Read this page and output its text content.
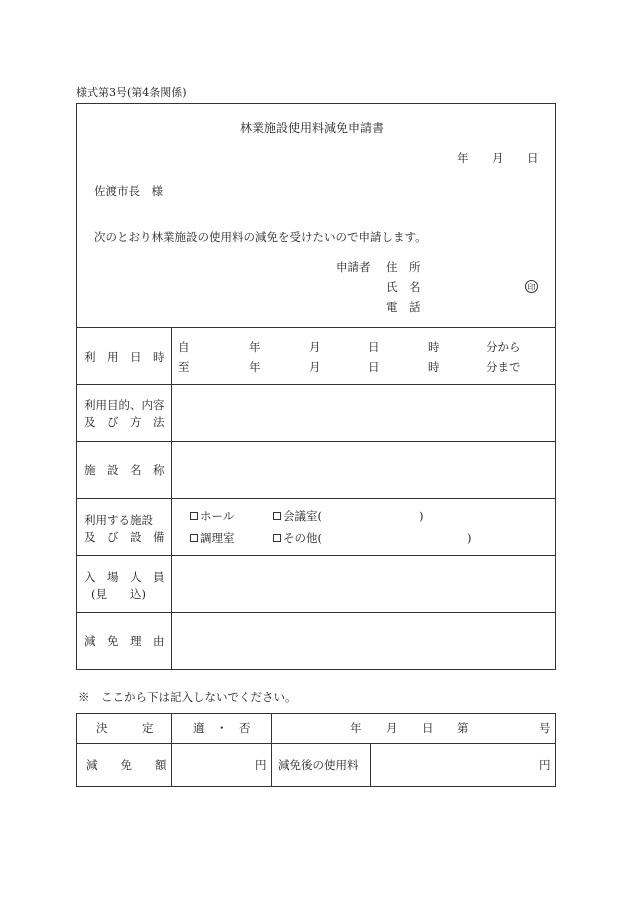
様式第3号(第4条関係)
林業施設使用料減免申請書
年 月 日
佐渡市長　様
次のとおり林業施設の使用料の減免を受けたいので申請します。
申請者 住　所
氏　名	印
電　話
利　用　日　時
自	年	月	日	時	分から
至	年	月	日	時	分まで
利用目的、内容
及　び　方　法
施　設　名　称
利用する施設
及　び　設　備
ホール	会議室(	)
調理室	その他(	)
入　場　人　員
(見　　込)
減　免　理　由
※　ここから下は記入しないでください。
決　　　定	適　・　否	年 月 日 第	号
減　　免　　額	円 減免後の使用料	円
